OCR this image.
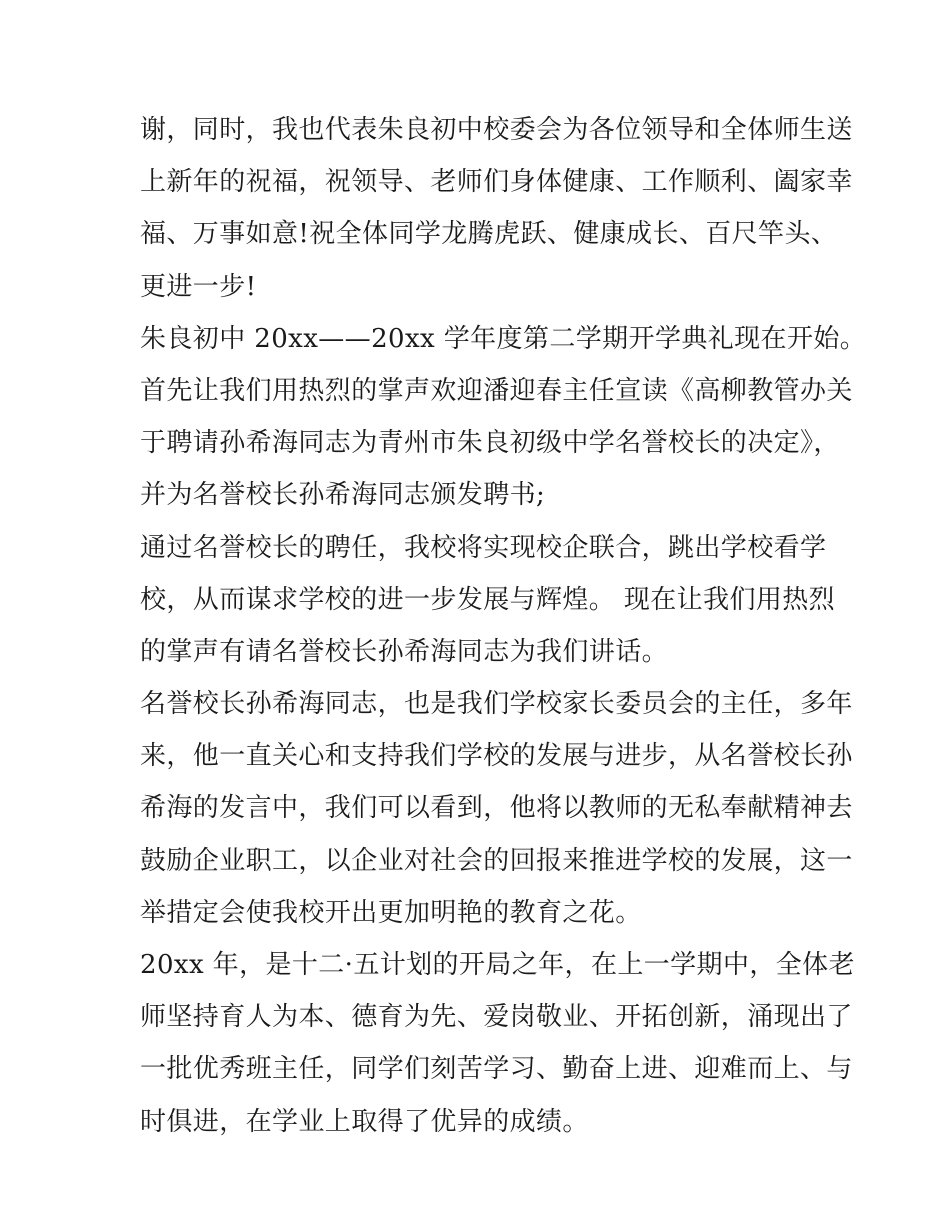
谢，同时，我也代表朱良初中校委会为各位领导和全体师生送
上新年的祝福，祝领导、老师们身体健康、工作顺利、阖家幸
福、万事如意!祝全体同学龙腾虎跃、健康成长、百尺竿头、
更进一步!
朱良初中 20xx——20xx 学年度第二学期开学典礼现在开始。
首先让我们用热烈的掌声欢迎潘迎春主任宣读《高柳教管办关
于聘请孙希海同志为青州市朱良初级中学名誉校长的决定》，
并为名誉校长孙希海同志颁发聘书;
通过名誉校长的聘任，我校将实现校企联合，跳出学校看学
校，从而谋求学校的进一步发展与辉煌。 现在让我们用热烈
的掌声有请名誉校长孙希海同志为我们讲话。
名誉校长孙希海同志，也是我们学校家长委员会的主任，多年
来，他一直关心和支持我们学校的发展与进步，从名誉校长孙
希海的发言中，我们可以看到，他将以教师的无私奉献精神去
鼓励企业职工，以企业对社会的回报来推进学校的发展，这一
举措定会使我校开出更加明艳的教育之花。
20xx 年，是十二·五计划的开局之年，在上一学期中，全体老
师坚持育人为本、德育为先、爱岗敬业、开拓创新，涌现出了
一批优秀班主任，同学们刻苦学习、勤奋上进、迎难而上、与
时俱进，在学业上取得了优异的成绩。
